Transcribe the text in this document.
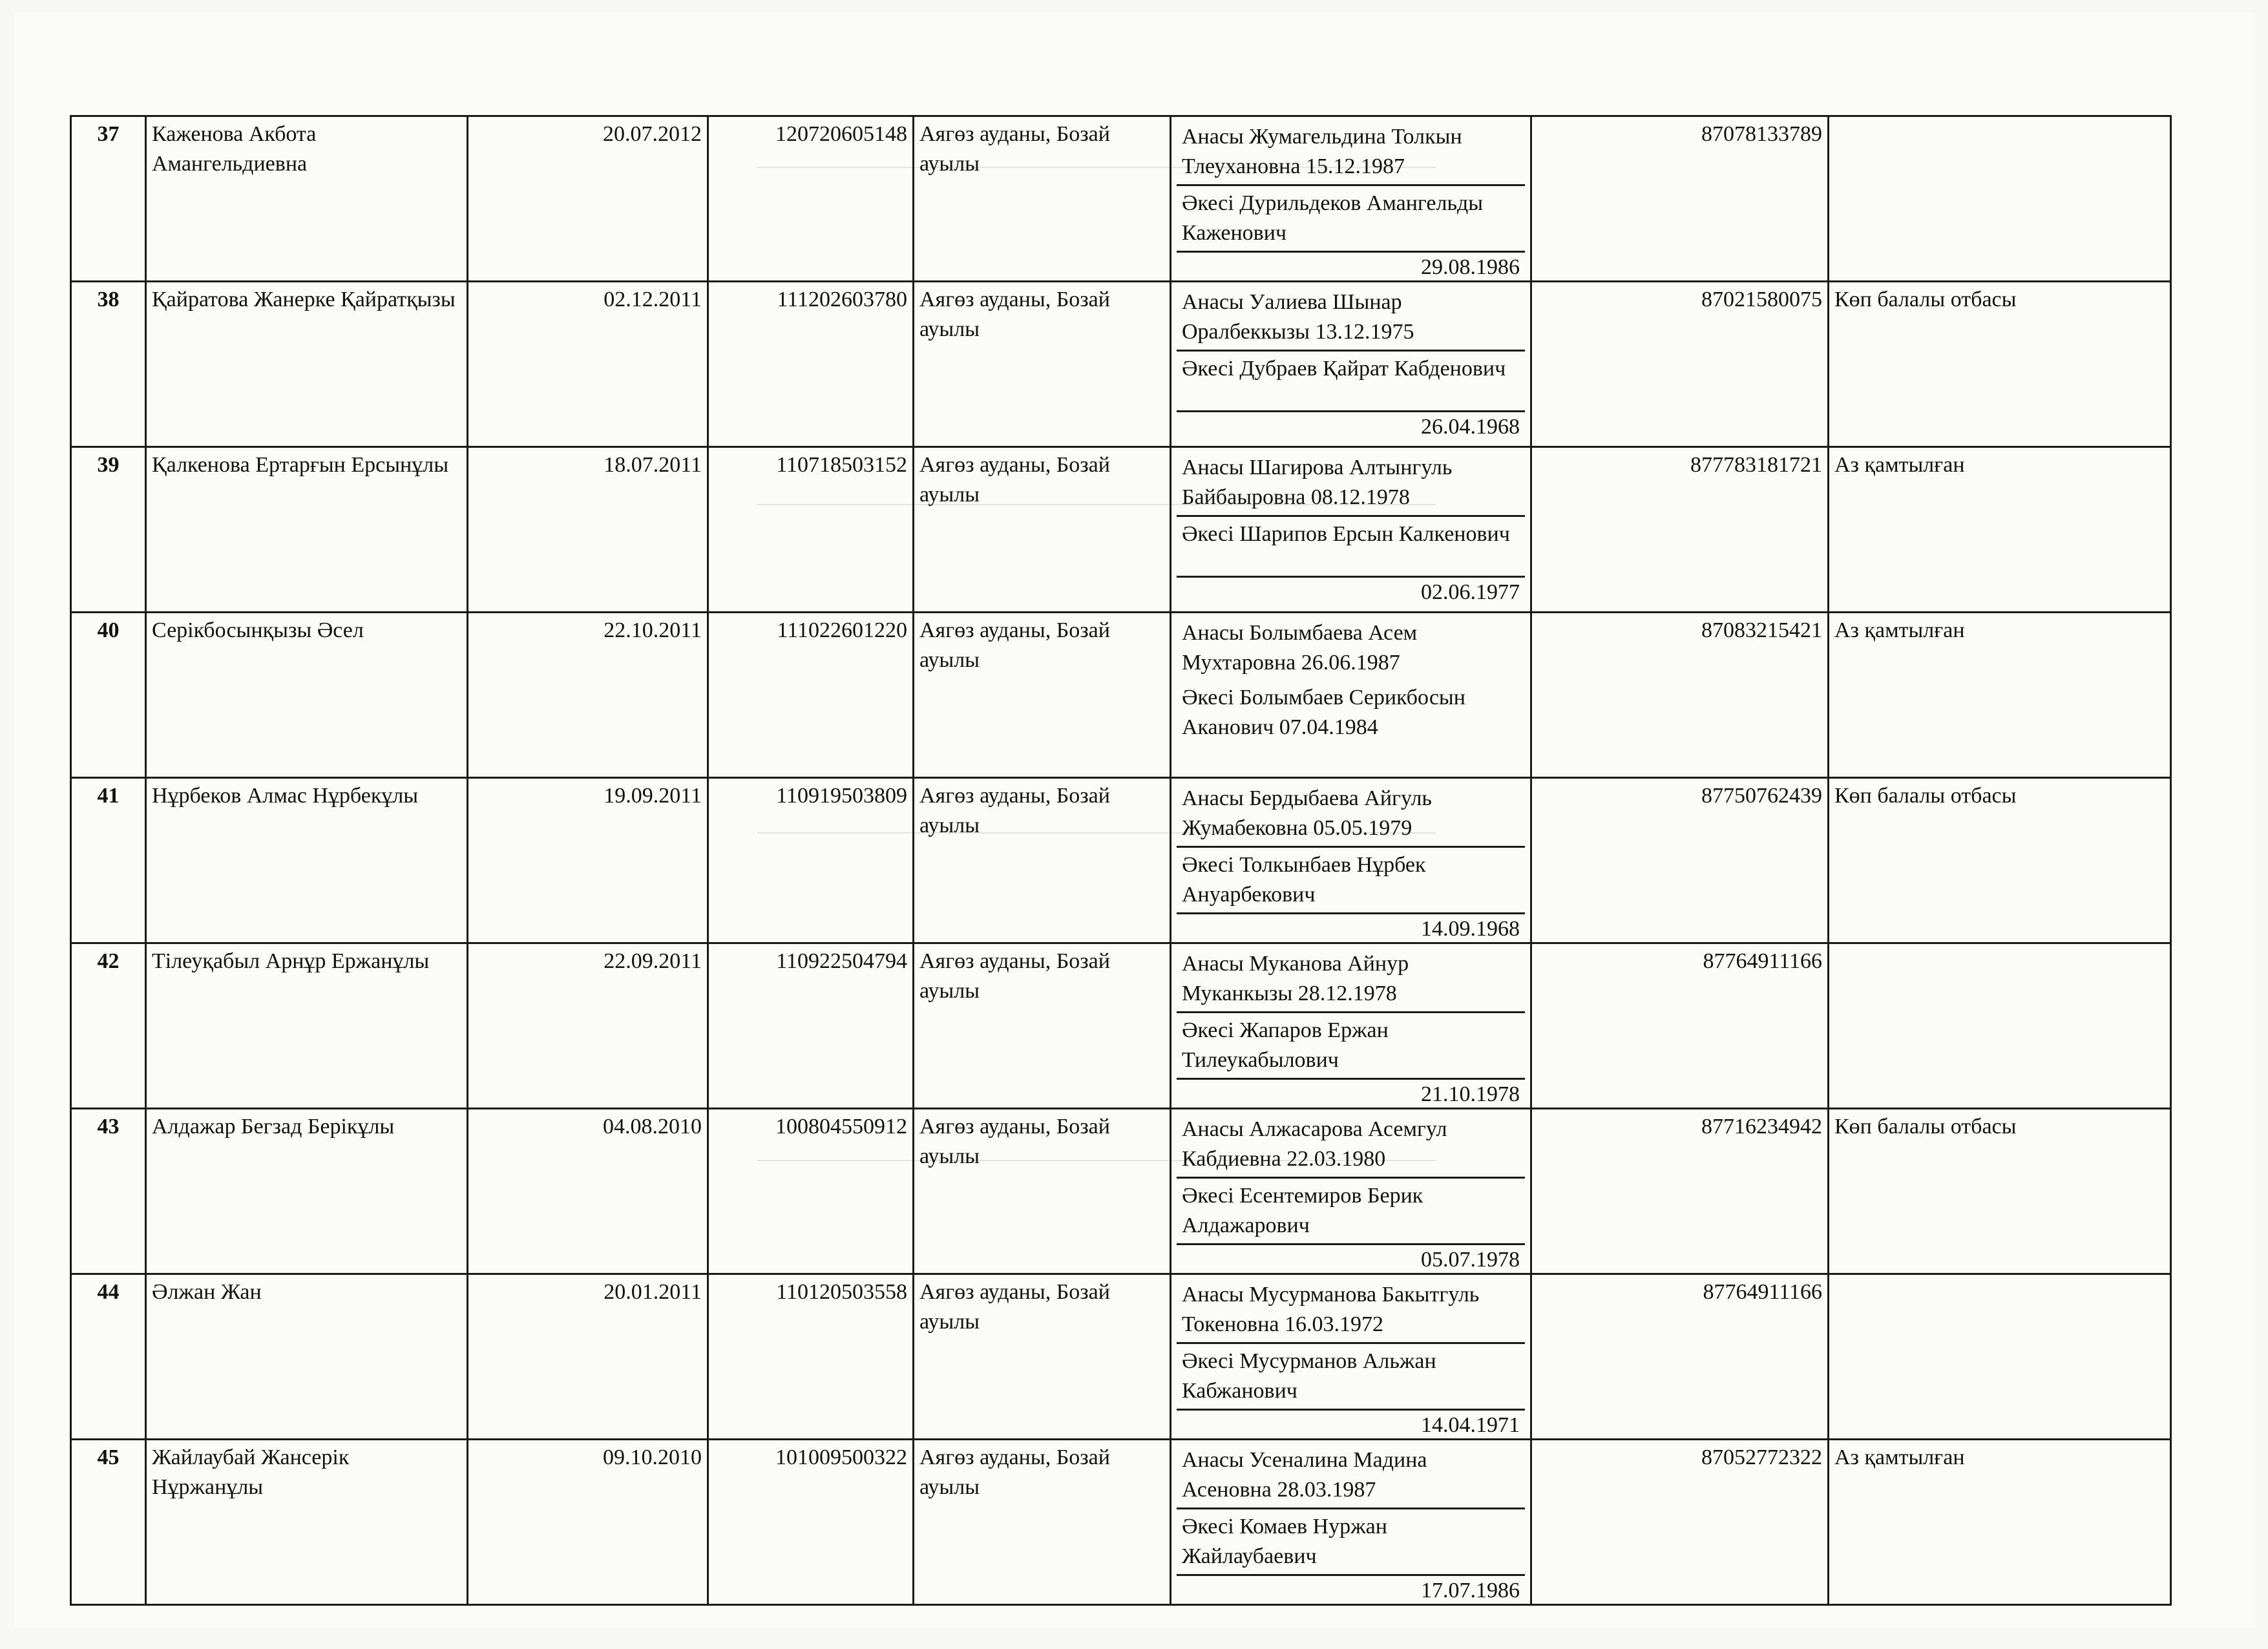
37	Каженова Акбота Амангельдиевна	20.07.2012	120720605148	Аягөз ауданы, Бозай ауылы	Анасы Жумагельдина Толкын Тлеухановна 15.12.1987
Әкесі Дурильдеков Амангельды Каженович
29.08.1986	87078133789	
38	Қайратова Жанерке Қайратқызы	02.12.2011	111202603780	Аягөз ауданы, Бозай ауылы	Анасы Уалиева Шынар Оралбеккызы 13.12.1975
Әкесі Дубраев Қайрат Кабденович
26.04.1968	87021580075	Көп балалы отбасы
39	Қалкенова Ертарғын Ерсынұлы	18.07.2011	110718503152	Аягөз ауданы, Бозай ауылы	Анасы Шагирова Алтынгуль Байбаыровна 08.12.1978
Әкесі Шарипов Ерсын Калкенович
02.06.1977	877783181721	Аз қамтылған
40	Серікбосынқызы Әсел	22.10.2011	111022601220	Аягөз ауданы, Бозай ауылы	Анасы Болымбаева Асем Мухтаровна 26.06.1987
Әкесі Болымбаев Серикбосын Аканович 07.04.1984	87083215421	Аз қамтылған
41	Нұрбеков Алмас Нұрбекұлы	19.09.2011	110919503809	Аягөз ауданы, Бозай ауылы	Анасы Бердыбаева Айгуль Жумабековна 05.05.1979
Әкесі Толкынбаев Нұрбек Ануарбекович
14.09.1968	87750762439	Көп балалы отбасы
42	Тілеуқабыл Арнұр Ержанұлы	22.09.2011	110922504794	Аягөз ауданы, Бозай ауылы	Анасы Муканова Айнур Муканкызы 28.12.1978
Әкесі Жапаров Ержан Тилеукабылович
21.10.1978	87764911166	
43	Алдажар Бегзад Берікұлы	04.08.2010	100804550912	Аягөз ауданы, Бозай ауылы	Анасы Алжасарова Асемгул Кабдиевна 22.03.1980
Әкесі Есентемиров Берик Алдажарович
05.07.1978	87716234942	Көп балалы отбасы
44	Әлжан Жан	20.01.2011	110120503558	Аягөз ауданы, Бозай ауылы	Анасы Мусурманова Бакытгуль Токеновна 16.03.1972
Әкесі Мусурманов Альжан Кабжанович
14.04.1971	87764911166	
45	Жайлаубай Жансерік Нұржанұлы	09.10.2010	101009500322	Аягөз ауданы, Бозай ауылы	Анасы Усеналина Мадина Асеновна 28.03.1987
Әкесі Комаев Нуржан Жайлаубаевич
17.07.1986	87052772322	Аз қамтылған
